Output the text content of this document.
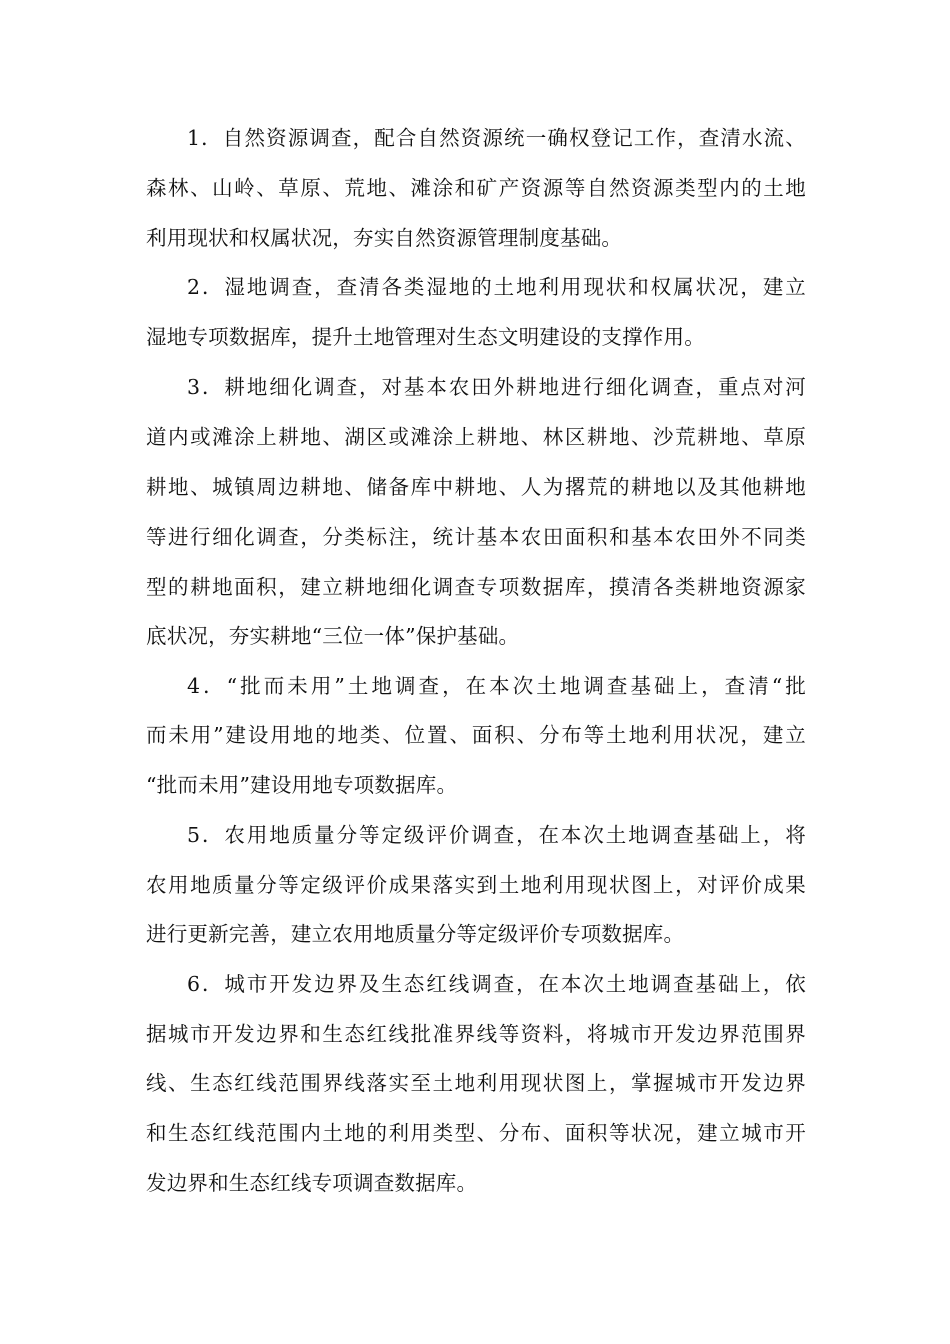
1．自然资源调查，配合自然资源统一确权登记工作，查清水流、
森林、山岭、草原、荒地、滩涂和矿产资源等自然资源类型内的土地
利用现状和权属状况，夯实自然资源管理制度基础。
2．湿地调查，查清各类湿地的土地利用现状和权属状况，建立
湿地专项数据库，提升土地管理对生态文明建设的支撑作用。
3．耕地细化调查，对基本农田外耕地进行细化调查，重点对河
道内或滩涂上耕地、湖区或滩涂上耕地、林区耕地、沙荒耕地、草原
耕地、城镇周边耕地、储备库中耕地、人为撂荒的耕地以及其他耕地
等进行细化调查，分类标注，统计基本农田面积和基本农田外不同类
型的耕地面积，建立耕地细化调查专项数据库，摸清各类耕地资源家
底状况，夯实耕地“三位一体”保护基础。
4．“批而未用”土地调查，在本次土地调查基础上，查清“批
而未用”建设用地的地类、位置、面积、分布等土地利用状况，建立
“批而未用”建设用地专项数据库。
5．农用地质量分等定级评价调查，在本次土地调查基础上，将
农用地质量分等定级评价成果落实到土地利用现状图上，对评价成果
进行更新完善，建立农用地质量分等定级评价专项数据库。
6．城市开发边界及生态红线调查，在本次土地调查基础上，依
据城市开发边界和生态红线批准界线等资料，将城市开发边界范围界
线、生态红线范围界线落实至土地利用现状图上，掌握城市开发边界
和生态红线范围内土地的利用类型、分布、面积等状况，建立城市开
发边界和生态红线专项调查数据库。
